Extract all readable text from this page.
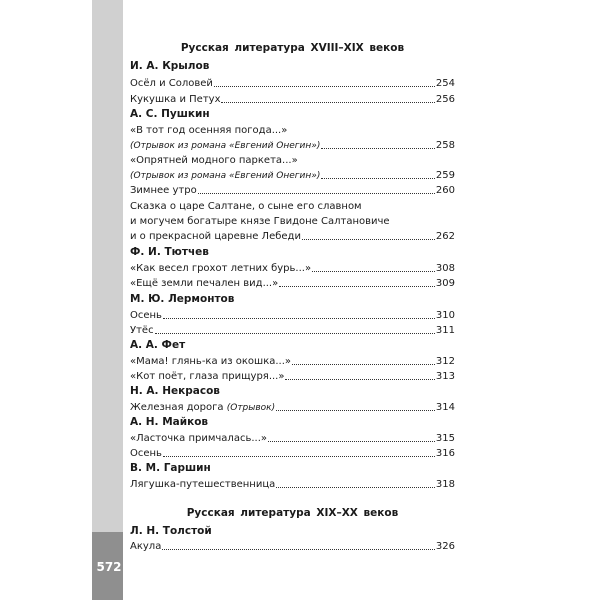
572
Русская литература XVIII–XIX веков
И. А. Крылов
Осёл и Соловей	254
Кукушка и Петух	256
А. С. Пушкин
«В тот год осенняя погода...»
(Отрывок из романа «Евгений Онегин»)	258
«Опрятней модного паркета...»
(Отрывок из романа «Евгений Онегин»)	259
Зимнее утро	260
Сказка о царе Салтане, о сыне его славном
и могучем богатыре князе Гвидоне Салтановиче
и о прекрасной царевне Лебеди	262
Ф. И. Тютчев
«Как весел грохот летних бурь...»	308
«Ещё земли печален вид...»	309
М. Ю. Лермонтов
Осень	310
Утёс	311
А. А. Фет
«Мама! глянь-ка из окошка...»	312
«Кот поёт, глаза прищуря...»	313
Н. А. Некрасов
Железная дорога (Отрывок)	314
А. Н. Майков
«Ласточка примчалась...»	315
Осень	316
В. М. Гаршин
Лягушка-путешественница	318
Русская литература XIX–XX веков
Л. Н. Толстой
Акула	326
